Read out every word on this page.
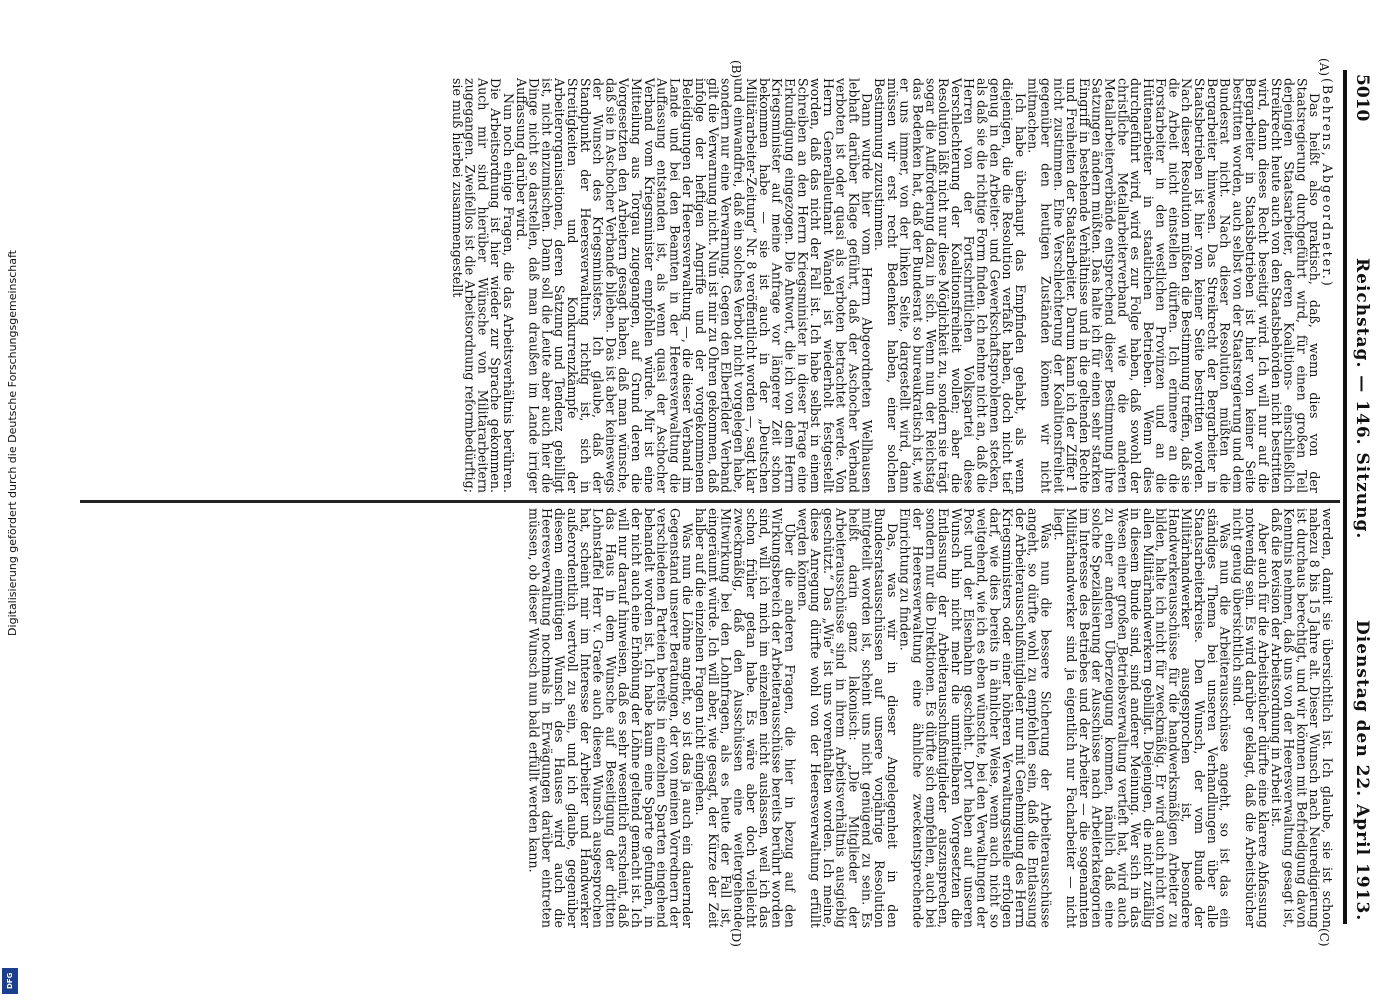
5010
Reichstag. — 146. Sitzung.
Dienstag den 22. April 1913.
(A)
(B)
(C)
(D)

(Behrens, Abgeordneter.)

Das heißt also praktisch, daß, wenn dies von der Staatsregierung durchgeführt wird, für einen großen Teil derjenigen Staatsarbeiter, deren Koalitions- einschließlich Streikrecht heute auch von den Staatsbehörden nicht bestritten wird, dann dieses Recht beseitigt wird. Ich will nur auf die Bergarbeiter in Staatsbetrieben ist hier von keiner Seite bestritten worden, auch selbst von der Staatsregierung und dem Bundesrat nicht. Nach dieser Resolution müßten die Bergarbeiter hinwesen. Das Streikrecht der Bergarbeiter in Staatsbetrieben ist hier von keiner Seite bestritten worden. Nach dieser Resolution müßten die Bestimmung treffen, daß sie die Arbeit nicht einstellen dürften. Ich erinnere an die Forstarbeiter in den westlichen Provinzen und an die Hüttenarbeiter in staatlichen Betrieben. Wenn dies durchgeführt wird, wird es zur Folge haben, daß sowohl der christliche Metallarbeiterverband wie die anderen Metallarbeiterverbände entsprechend dieser Bestimmung ihre Satzungen ändern müßten. Das halte ich für einen sehr starken Eingriff in bestehende Verhältnisse und in die geltenden Rechte und Freiheiten der Staatsarbeiter. Darum kann ich der Ziffer 1 nicht zustimmen. Eine Verschlechterung der Koalitionsfreiheit gegenüber den heutigen Zuständen können wir nicht mitmachen.

Ich habe überhaupt das Empfinden gehabt, als wenn diejenigen, die die Resolution verfaßt haben, doch nicht tief genug in den Arbeiter- und Gewerkschaftsproblemen stecken, als daß sie die richtige Form finden. Ich nehme nicht an, daß die Herren von der Fortschrittlichen Volkspartei diese Verschlechterung der Koalitionsfreiheit wollen; aber die Resolution läßt nicht nur diese Möglichkeit zu, sondern sie trägt sogar die Aufforderung dazu in sich. Wenn nun der Reichstag das Bedenken hat, daß der Bundesrat so bureaukratisch ist, wie er uns immer, von der linken Seite, dargestellt wird, dann müssen wir erst recht Bedenken haben, einer solchen Bestimmung zuzustimmen.

Dann wurde hier vom Herrn Abgeordneten Wellhausen lebhaft darüber Klage geführt, daß der Aschocher Verband verboten ist oder quasi als verboten betrachtet werde. Von Herrn Generalleutnant Wandel ist wiederholt festgestellt worden, daß das nicht der Fall ist. Ich habe selbst in einem Schreiben an den Herrn Kriegsminister in dieser Frage eine Erkundigung eingezogen. Die Antwort, die ich von dem Herrn Kriegsminister auf meine Anfrage vor längerer Zeit schon bekommen habe — sie ist auch in der „Deutschen Militärarbeiter-Zeitung“ Nr. 8 veröffentlicht worden —, sagt klar und einwandfrei, daß ein solches Verbot nicht vorgelegen habe, sondern nur eine Verwarnung. Gegen den Elberfelder Verband gilt die Verwarnung nicht. Nun ist mir zu Ohren gekommen, daß infolge der heftigen Angriffe und der vorgekommenen Beleidigungen der Heeresverwaltung —, die dieser Verband im Lande und bei den Beamten in der Heeresverwaltung die Auffassung entstanden ist, als wenn quasi der Aschocher Verband vom Kriegsminister empfohlen würde. Mir ist eine Mitteilung aus Torgau zugegangen, auf Grund deren die Vorgesetzten den Arbeitern gesagt haben, daß man wünsche, daß sie in Aschocher Verbande blieben. Das ist aber keineswegs der Wunsch des Kriegsministers. Ich glaube, daß der Standpunkt der Heeresverwaltung richtig ist, sich in Streitigkeiten und Konkurrenzkämpfe der Arbeiterorganisationen, deren Satzung und Tendenz gebilligt ist, nicht einzumischen. Dann soll die Leute aber auch hier die Dinge nicht so darstellen, daß man draußen im Lande irriger Auffassung darüber wird.

Nun noch einige Fragen, die das Arbeitsverhältnis berühren. Die Arbeitsordnung ist hier wieder zur Sprache gekommen. Auch mir sind hierüber Wünsche von Militärarbeitern zugegangen. Zweifellos ist die Arbeitsordnung reformbedürftig; sie muß hierbei zusammengestellt

werden, damit sie übersichtlich ist. Ich glaube, sie ist schon nahezu 8 bis 15 Jahre alt. Dieser Wunsch nach Neuredigierung ist durchaus berechtigt, und wir können mit Befriedigung davon Kenntnis nehmen, daß uns von der Heeresverwaltung gesagt ist, daß die Revision der Arbeitsordnung in Arbeit ist.

Aber auch für die Arbeitsbücher dürfte eine klarere Abfassung notwendig sein. Es wird darüber geklagt, daß die Arbeitsbücher nicht genug übersichtlich sind.

Was nun die Arbeiterausschüsse angeht, so ist das ein ständiges Thema bei unseren Verhandlungen über alle Staatsarbeiterkreise. Den Wunsch, der vom Bunde der Militärhandwerker ausgesprochen ist, besondere Handwerkerausschüsse für die handwerksmäßigen Arbeiter zu bilden, halte ich nicht für zweckmäßig. Er wird auch nicht von allen Militärhandwerkern gebilligt. Diejenigen, die nicht zufällig in diesem Bunde sind, sind anderer Meinung. Wer sich in das Wesen einer großen Betriebsverwaltung vertieft hat, wird auch zu einer anderen Überzeugung kommen, nämlich daß eine solche Spezialisierung der Ausschüsse nach Arbeiterkategorien im Interesse des Betriebes und der Arbeiter — die sogenannten Militärhandwerker sind ja eigentlich nur Facharbeiter — nicht liegt.

Was nun die bessere Sicherung der Arbeiterausschüsse angeht, so dürfte wohl zu empfehlen sein, daß die Entlassung der Arbeiterausschußmitglieder nur mit Genehmigung des Herrn Kriegsministers oder einer höheren Verwaltungsstelle erfolgen darf, wie dies bereits in ähnlicher Weise, wenn auch nicht so weitgehend, wie ich es eben wünschte, bei den Verwaltungen der Post und der Eisenbahn geschieht. Dort haben auf unseren Wunsch hin nicht mehr die unmittelbaren Vorgesetzten die Entlassung der Arbeiterausschußmitglieder auszusprechen, sondern nur die Direktionen. Es dürfte sich empfehlen, auch bei der Heeresverwaltung eine ähnliche zweckentsprechende Einrichtung zu finden.

Das, was wir in dieser Angelegenheit in den Bundesratsausschüssen auf unsere vorjährige Resolution mitgeteilt worden ist, scheint uns nicht genügend zu sein. Es heißt darin ganz lakonisch: „Die Mitglieder der Arbeiterausschüsse sind in ihrem Arbeitsverhältnis ausgiebig geschützt.“ Das „Wie“ ist uns vorenthalten worden. Ich meine, diese Anregung dürfte wohl von der Heeresverwaltung erfüllt werden können.

Über die anderen Fragen, die hier in bezug auf den Wirkungsbereich der Arbeiterausschüsse bereits berührt worden sind, will ich mich im einzelnen nicht auslassen, weil ich das schon früher getan habe. Es wäre aber doch vielleicht zweckmäßig, daß den Ausschüssen eine weitergehende Mitwirkung bei den Lohnfragen, als es heute der Fall ist, eingeräumt würde. Ich will aber, wie gesagt, der Kürze der Zeit halber auf die einzelnen Fragen nicht eingehen.

Was nun die Löhne angeht, so ist das ja auch ein dauernder Gegenstand unserer Beratungen, der von meinen Vorrednern der verschiedenen Parteien bereits in einzelnen Sparten eingehend behandelt worden ist. Ich habe kaum eine Sparte gefunden, in der nicht auch eine Erhöhung der Löhne geltend gemacht ist. Ich will nur darauf hinweisen, daß es sehr wesentlich erscheint, daß das Haus in dem Wunsche auf Beseitigung der dritten Lohnstaffel Herr v. Graefe auch diesen Wunsch ausgesprochen hat, scheint mir im Interesse der Arbeiter und Handwerker außerordentlich wertvoll zu sein, und ich glaube, gegenüber diesem einmütigen Wunsch des Hauses wird auch die Heeresverwaltung nochmals in Erwägungen darüber eintreten müssen, ob dieser Wunsch nun bald erfüllt werden kann.

Digitalisierung gefördert durch die Deutsche Forschungsgemeinschaft
DFG
